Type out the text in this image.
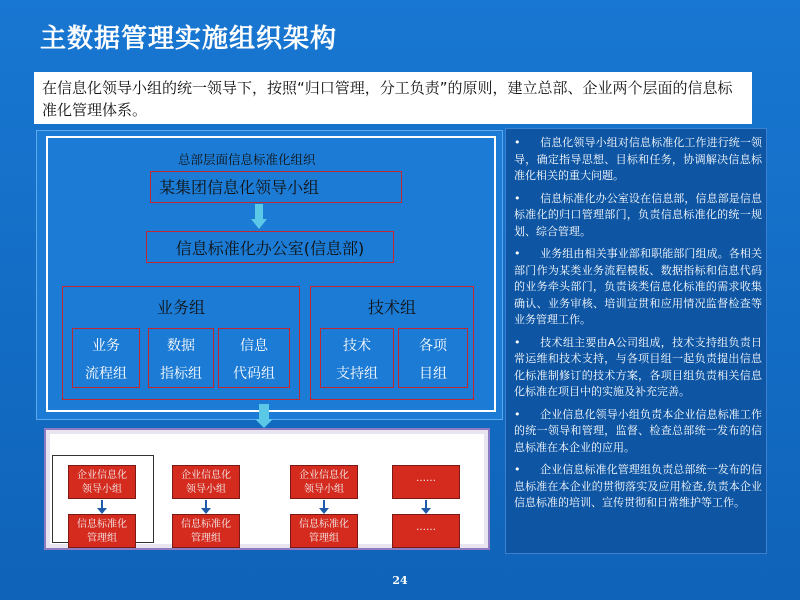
主数据管理实施组织架构
在信息化领导小组的统一领导下，按照“归口管理，分工负责”的原则，建立总部、企业两个层面的信息标准化管理体系。
总部层面信息标准化组织
某集团信息化领导小组
信息标准化办公室(信息部)
业务组
业务
流程组
数据
指标组
信息
代码组
技术组
技术
支持组
各项
目组
企业信息化
领导小组
企业信息化
领导小组
企业信息化
领导小组
……
信息标准化
管理组
信息标准化
管理组
信息标准化
管理组
……
• 信息化领导小组对信息标准化工作进行统一领导，确定指导思想、目标和任务，协调解决信息标准化相关的重大问题。
• 信息标准化办公室设在信息部，信息部是信息标准化的归口管理部门，负责信息标准化的统一规划、综合管理。
• 业务组由相关事业部和职能部门组成。各相关部门作为某类业务流程模板、数据指标和信息代码的业务牵头部门，负责该类信息化标准的需求收集确认、业务审核、培训宣贯和应用情况监督检查等业务管理工作。
• 技术组主要由A公司组成，技术支持组负责日常运维和技术支持，与各项目组一起负责提出信息化标准制修订的技术方案，各项目组负责相关信息化标准在项目中的实施及补充完善。
• 企业信息化领导小组负责本企业信息标准工作的统一领导和管理，监督、检查总部统一发布的信息标准在本企业的应用。
• 企业信息标准化管理组负责总部统一发布的信息标准在本企业的贯彻落实及应用检查,负责本企业信息标准的培训、宣传贯彻和日常维护等工作。
24
